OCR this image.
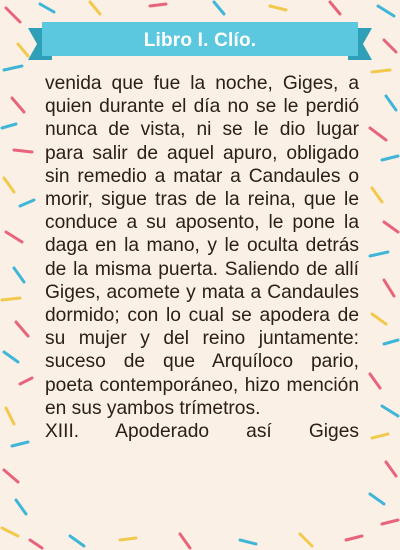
Libro I. Clío.

venida que fue la noche, Giges, a quien durante el día no se le perdió nunca de vista, ni se le dio lugar para salir de aquel apuro, obligado sin remedio a matar a Candaules o morir, sigue tras de la reina, que le conduce a su aposento, le pone la daga en la mano, y le oculta detrás de la misma puerta. Saliendo de allí Giges, acomete y mata a Candaules dormido; con lo cual se apodera de su mujer y del reino juntamente: suceso de que Arquíloco pario, poeta contemporáneo, hizo mención en sus yambos trímetros.

XIII. Apoderado así Giges
